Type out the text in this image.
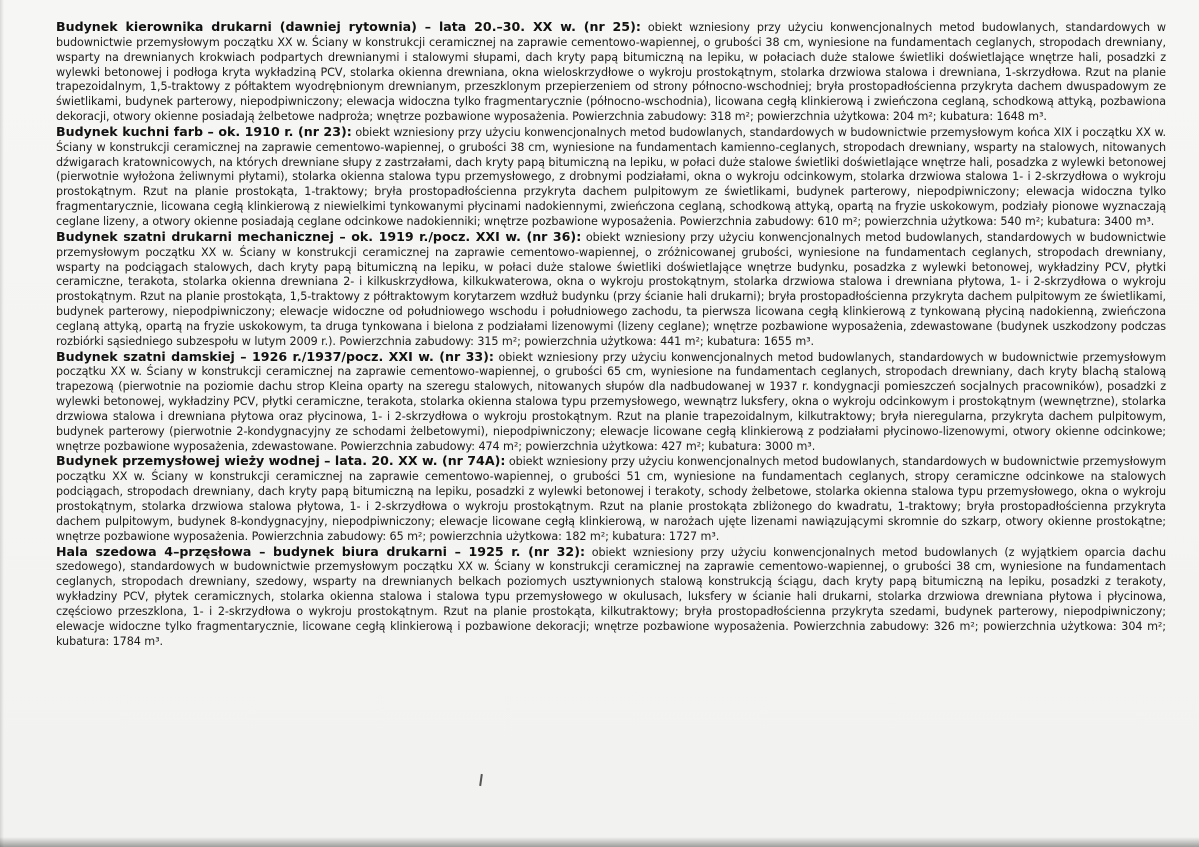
Budynek kierownika drukarni (dawniej rytownia) – lata 20.–30. XX w. (nr 25): obiekt wzniesiony przy użyciu konwencjonalnych metod budowlanych, standardowych w budownictwie przemysłowym początku XX w. Ściany w konstrukcji ceramicznej na zaprawie cementowo-wapiennej, o grubości 38 cm, wyniesione na fundamentach ceglanych, stropodach drewniany, wsparty na drewnianych krokwiach podpartych drewnianymi i stalowymi słupami, dach kryty papą bitumiczną na lepiku, w połaciach duże stalowe świetliki doświetlające wnętrze hali, posadzki z wylewki betonowej i podłoga kryta wykładziną PCV, stolarka okienna drewniana, okna wieloskrzydłowe o wykroju prostokątnym, stolarka drzwiowa stalowa i drewniana, 1-skrzydłowa. Rzut na planie trapezoidalnym, 1,5-traktowy z półtaktem wyodrębnionym drewnianym, przeszklonym przepierzeniem od strony północno-wschodniej; bryła prostopadłościenna przykryta dachem dwuspadowym ze świetlikami, budynek parterowy, niepodpiwniczony; elewacja widoczna tylko fragmentarycznie (północno-wschodnia), licowana cegłą klinkierową i zwieńczona ceglaną, schodkową attyką, pozbawiona dekoracji, otwory okienne posiadają żelbetowe nadproża; wnętrze pozbawione wyposażenia. Powierzchnia zabudowy: 318 m²; powierzchnia użytkowa: 204 m²; kubatura: 1648 m³.

Budynek kuchni farb – ok. 1910 r. (nr 23): obiekt wzniesiony przy użyciu konwencjonalnych metod budowlanych, standardowych w budownictwie przemysłowym końca XIX i początku XX w. Ściany w konstrukcji ceramicznej na zaprawie cementowo-wapiennej, o grubości 38 cm, wyniesione na fundamentach kamienno-ceglanych, stropodach drewniany, wsparty na stalowych, nitowanych dźwigarach kratownicowych, na których drewniane słupy z zastrzałami, dach kryty papą bitumiczną na lepiku, w połaci duże stalowe świetliki doświetlające wnętrze hali, posadzka z wylewki betonowej (pierwotnie wyłożona żeliwnymi płytami), stolarka okienna stalowa typu przemysłowego, z drobnymi podziałami, okna o wykroju odcinkowym, stolarka drzwiowa stalowa 1- i 2-skrzydłowa o wykroju prostokątnym. Rzut na planie prostokąta, 1-traktowy; bryła prostopadłościenna przykryta dachem pulpitowym ze świetlikami, budynek parterowy, niepodpiwniczony; elewacja widoczna tylko fragmentarycznie, licowana cegłą klinkierową z niewielkimi tynkowanymi płycinami nadokiennymi, zwieńczona ceglaną, schodkową attyką, opartą na fryzie uskokowym, podziały pionowe wyznaczają ceglane lizeny, a otwory okienne posiadają ceglane odcinkowe nadokienniki; wnętrze pozbawione wyposażenia. Powierzchnia zabudowy: 610 m²; powierzchnia użytkowa: 540 m²; kubatura: 3400 m³.

Budynek szatni drukarni mechanicznej – ok. 1919 r./pocz. XXI w. (nr 36): obiekt wzniesiony przy użyciu konwencjonalnych metod budowlanych, standardowych w budownictwie przemysłowym początku XX w. Ściany w konstrukcji ceramicznej na zaprawie cementowo-wapiennej, o zróżnicowanej grubości, wyniesione na fundamentach ceglanych, stropodach drewniany, wsparty na podciągach stalowych, dach kryty papą bitumiczną na lepiku, w połaci duże stalowe świetliki doświetlające wnętrze budynku, posadzka z wylewki betonowej, wykładziny PCV, płytki ceramiczne, terakota, stolarka okienna drewniana 2- i kilkuskrzydłowa, kilkukwaterowa, okna o wykroju prostokątnym, stolarka drzwiowa stalowa i drewniana płytowa, 1- i 2-skrzydłowa o wykroju prostokątnym. Rzut na planie prostokąta, 1,5-traktowy z półtraktowym korytarzem wzdłuż budynku (przy ścianie hali drukarni); bryła prostopadłościenna przykryta dachem pulpitowym ze świetlikami, budynek parterowy, niepodpiwniczony; elewacje widoczne od południowego wschodu i południowego zachodu, ta pierwsza licowana cegłą klinkierową z tynkowaną płyciną nadokienną, zwieńczona ceglaną attyką, opartą na fryzie uskokowym, ta druga tynkowana i bielona z podziałami lizenowymi (lizeny ceglane); wnętrze pozbawione wyposażenia, zdewastowane (budynek uszkodzony podczas rozbiórki sąsiedniego subzespołu w lutym 2009 r.). Powierzchnia zabudowy: 315 m²; powierzchnia użytkowa: 441 m²; kubatura: 1655 m³.

Budynek szatni damskiej – 1926 r./1937/pocz. XXI w. (nr 33): obiekt wzniesiony przy użyciu konwencjonalnych metod budowlanych, standardowych w budownictwie przemysłowym początku XX w. Ściany w konstrukcji ceramicznej na zaprawie cementowo-wapiennej, o grubości 65 cm, wyniesione na fundamentach ceglanych, stropodach drewniany, dach kryty blachą stalową trapezową (pierwotnie na poziomie dachu strop Kleina oparty na szeregu stalowych, nitowanych słupów dla nadbudowanej w 1937 r. kondygnacji pomieszczeń socjalnych pracowników), posadzki z wylewki betonowej, wykładziny PCV, płytki ceramiczne, terakota, stolarka okienna stalowa typu przemysłowego, wewnątrz luksfery, okna o wykroju odcinkowym i prostokątnym (wewnętrzne), stolarka drzwiowa stalowa i drewniana płytowa oraz płycinowa, 1- i 2-skrzydłowa o wykroju prostokątnym. Rzut na planie trapezoidalnym, kilkutraktowy; bryła nieregularna, przykryta dachem pulpitowym, budynek parterowy (pierwotnie 2-kondygnacyjny ze schodami żelbetowymi), niepodpiwniczony; elewacje licowane cegłą klinkierową z podziałami płycinowo-lizenowymi, otwory okienne odcinkowe; wnętrze pozbawione wyposażenia, zdewastowane. Powierzchnia zabudowy: 474 m²; powierzchnia użytkowa: 427 m²; kubatura: 3000 m³.

Budynek przemysłowej wieży wodnej – lata. 20. XX w. (nr 74A): obiekt wzniesiony przy użyciu konwencjonalnych metod budowlanych, standardowych w budownictwie przemysłowym początku XX w. Ściany w konstrukcji ceramicznej na zaprawie cementowo-wapiennej, o grubości 51 cm, wyniesione na fundamentach ceglanych, stropy ceramiczne odcinkowe na stalowych podciągach, stropodach drewniany, dach kryty papą bitumiczną na lepiku, posadzki z wylewki betonowej i terakoty, schody żelbetowe, stolarka okienna stalowa typu przemysłowego, okna o wykroju prostokątnym, stolarka drzwiowa stalowa płytowa, 1- i 2-skrzydłowa o wykroju prostokątnym. Rzut na planie prostokąta zbliżonego do kwadratu, 1-traktowy; bryła prostopadłościenna przykryta dachem pulpitowym, budynek 8-kondygnacyjny, niepodpiwniczony; elewacje licowane cegłą klinkierową, w narożach ujęte lizenami nawiązującymi skromnie do szkarp, otwory okienne prostokątne; wnętrze pozbawione wyposażenia. Powierzchnia zabudowy: 65 m²; powierzchnia użytkowa: 182 m²; kubatura: 1727 m³.

Hala szedowa 4–przęsłowa – budynek biura drukarni – 1925 r. (nr 32): obiekt wzniesiony przy użyciu konwencjonalnych metod budowlanych (z wyjątkiem oparcia dachu szedowego), standardowych w budownictwie przemysłowym początku XX w. Ściany w konstrukcji ceramicznej na zaprawie cementowo-wapiennej, o grubości 38 cm, wyniesione na fundamentach ceglanych, stropodach drewniany, szedowy, wsparty na drewnianych belkach poziomych usztywnionych stalową konstrukcją ściągu, dach kryty papą bitumiczną na lepiku, posadzki z terakoty, wykładziny PCV, płytek ceramicznych, stolarka okienna stalowa i stalowa typu przemysłowego w okulusach, luksfery w ścianie hali drukarni, stolarka drzwiowa drewniana płytowa i płycinowa, częściowo przeszklona, 1- i 2-skrzydłowa o wykroju prostokątnym. Rzut na planie prostokąta, kilkutraktowy; bryła prostopadłościenna przykryta szedami, budynek parterowy, niepodpiwniczony; elewacje widoczne tylko fragmentarycznie, licowane cegłą klinkierową i pozbawione dekoracji; wnętrze pozbawione wyposażenia. Powierzchnia zabudowy: 326 m²; powierzchnia użytkowa: 304 m²; kubatura: 1784 m³.
